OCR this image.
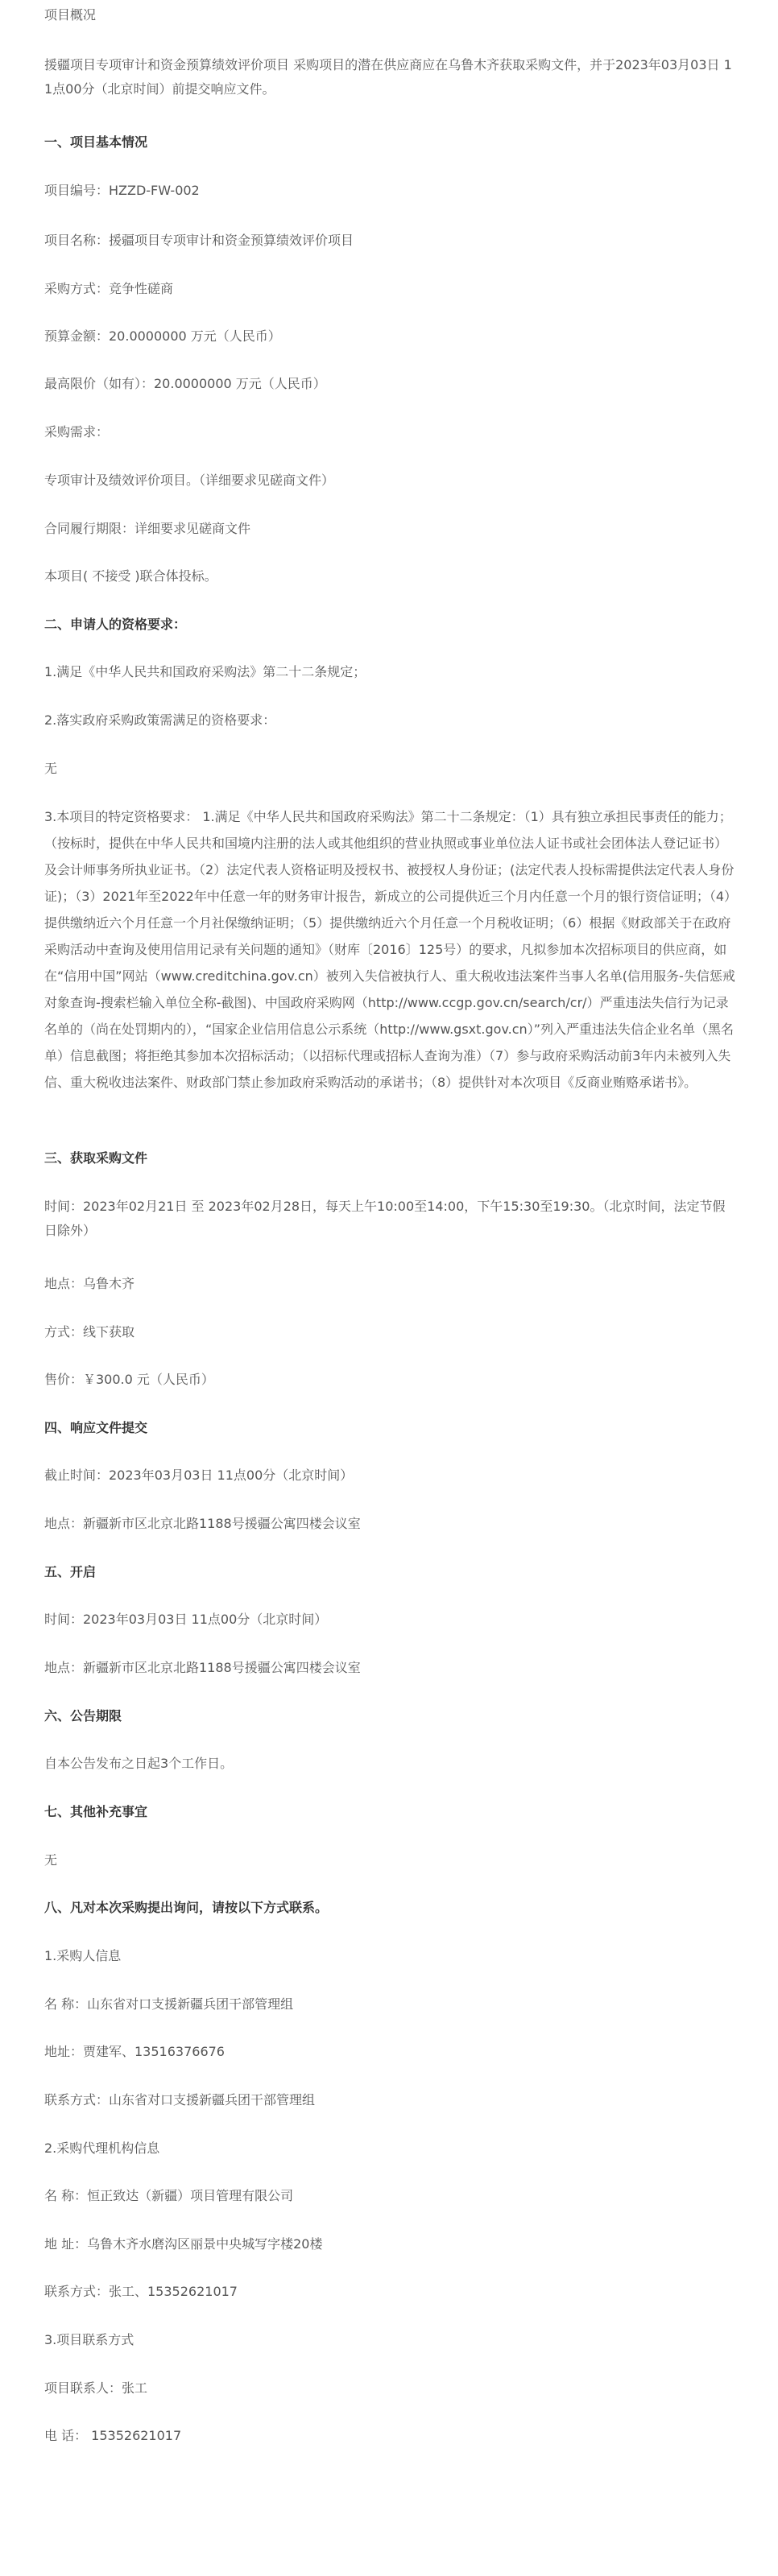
项目概况

援疆项目专项审计和资金预算绩效评价项目 采购项目的潜在供应商应在乌鲁木齐获取采购文件，并于2023年03月03日 11点00分（北京时间）前提交响应文件。

一、项目基本情况

项目编号：HZZD-FW-002

项目名称：援疆项目专项审计和资金预算绩效评价项目

采购方式：竞争性磋商

预算金额：20.0000000 万元（人民币）

最高限价（如有）：20.0000000 万元（人民币）

采购需求：

专项审计及绩效评价项目。（详细要求见磋商文件）

合同履行期限：详细要求见磋商文件

本项目( 不接受 )联合体投标。

二、申请人的资格要求：

1.满足《中华人民共和国政府采购法》第二十二条规定；

2.落实政府采购政策需满足的资格要求：

无

3.本项目的特定资格要求： 1.满足《中华人民共和国政府采购法》第二十二条规定：（1）具有独立承担民事责任的能力；（按标时，提供在中华人民共和国境内注册的法人或其他组织的营业执照或事业单位法人证书或社会团体法人登记证书）及会计师事务所执业证书。（2）法定代表人资格证明及授权书、被授权人身份证；(法定代表人投标需提供法定代表人身份证)；（3）2021年至2022年中任意一年的财务审计报告，新成立的公司提供近三个月内任意一个月的银行资信证明；（4）提供缴纳近六个月任意一个月社保缴纳证明；（5）提供缴纳近六个月任意一个月税收证明；（6）根据《财政部关于在政府采购活动中查询及使用信用记录有关问题的通知》（财库〔2016〕125号）的要求，凡拟参加本次招标项目的供应商，如在“信用中国”网站（www.creditchina.gov.cn）被列入失信被执行人、重大税收违法案件当事人名单(信用服务-失信惩戒对象查询-搜索栏输入单位全称-截图)、中国政府采购网（http://www.ccgp.gov.cn/search/cr/）严重违法失信行为记录名单的（尚在处罚期内的），“国家企业信用信息公示系统（http://www.gsxt.gov.cn）”列入严重违法失信企业名单（黑名单）信息截图；将拒绝其参加本次招标活动；（以招标代理或招标人查询为准）（7）参与政府采购活动前3年内未被列入失信、重大税收违法案件、财政部门禁止参加政府采购活动的承诺书；（8）提供针对本次项目《反商业贿赂承诺书》。

三、获取采购文件

时间：2023年02月21日 至 2023年02月28日，每天上午10:00至14:00，下午15:30至19:30。（北京时间，法定节假日除外）

地点：乌鲁木齐

方式：线下获取

售价：￥300.0 元（人民币）

四、响应文件提交

截止时间：2023年03月03日 11点00分（北京时间）

地点：新疆新市区北京北路1188号援疆公寓四楼会议室

五、开启

时间：2023年03月03日 11点00分（北京时间）

地点：新疆新市区北京北路1188号援疆公寓四楼会议室

六、公告期限

自本公告发布之日起3个工作日。

七、其他补充事宜

无

八、凡对本次采购提出询问，请按以下方式联系。

1.采购人信息

名 称：山东省对口支援新疆兵团干部管理组

地址：贾建军、13516376676

联系方式：山东省对口支援新疆兵团干部管理组

2.采购代理机构信息

名 称：恒正致达（新疆）项目管理有限公司

地 址：乌鲁木齐水磨沟区丽景中央城写字楼20楼

联系方式：张工、15352621017

3.项目联系方式

项目联系人：张工

电 话： 15352621017
